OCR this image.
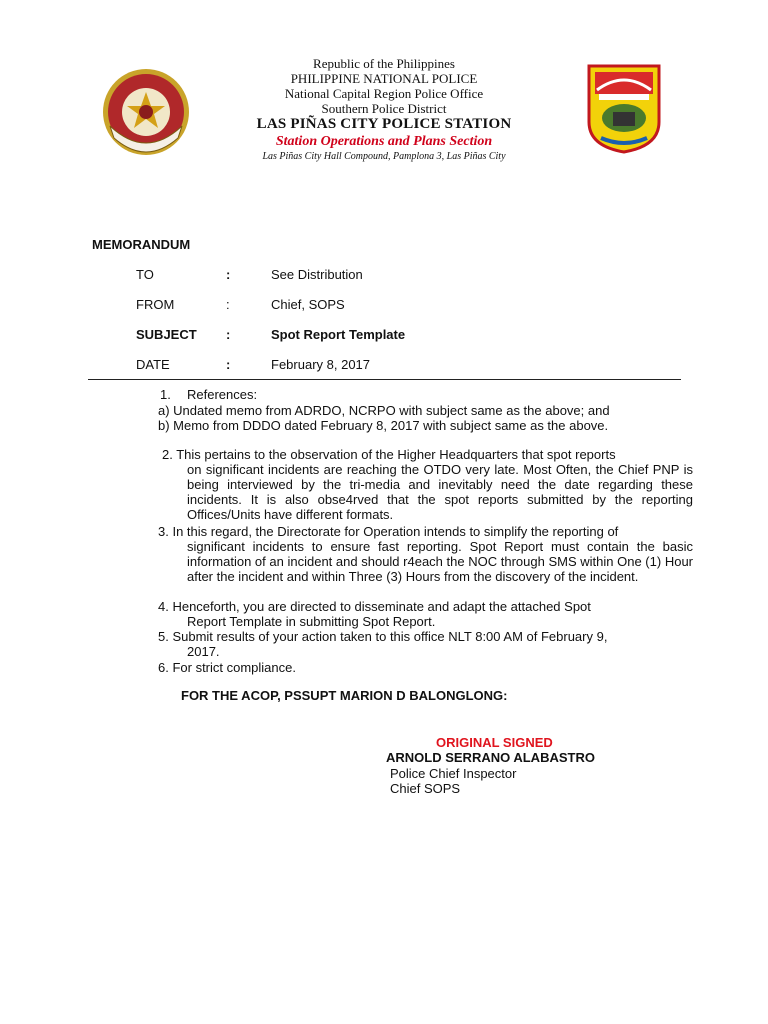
Republic of the Philippines
PHILIPPINE NATIONAL POLICE
National Capital Region Police Office
Southern Police District
LAS PIÑAS CITY POLICE STATION
Station Operations and Plans Section
Las Piñas City Hall Compound, Pamplona 3, Las Piñas City
MEMORANDUM
TO	:	See Distribution
FROM	:	Chief, SOPS
SUBJECT	:	Spot Report Template
DATE	:	February 8, 2017
1. References:
a) Undated memo from ADRDO, NCRPO with subject same as the above; and
b) Memo from DDDO dated February 8, 2017 with subject same as the above.
2. This pertains to the observation of the Higher Headquarters that spot reports
on significant incidents are reaching the OTDO very late. Most Often, the Chief PNP is being interviewed by the tri-media and inevitably need the date regarding these incidents. It is also obse4rved that the spot reports submitted by the reporting Offices/Units have different formats.
3. In this regard, the Directorate for Operation intends to simplify the reporting of
significant incidents to ensure fast reporting. Spot Report must contain the basic information of an incident and should r4each the NOC through SMS within One (1) Hour after the incident and within Three (3) Hours from the discovery of the incident.
4. Henceforth, you are directed to disseminate and adapt the attached Spot
Report Template in submitting Spot Report.
5. Submit results of your action taken to this office NLT 8:00 AM of February 9,
2017.
6. For strict compliance.
FOR THE ACOP, PSSUPT MARION D BALONGLONG:
ORIGINAL SIGNED
ARNOLD SERRANO ALABASTRO
Police Chief Inspector
Chief SOPS
